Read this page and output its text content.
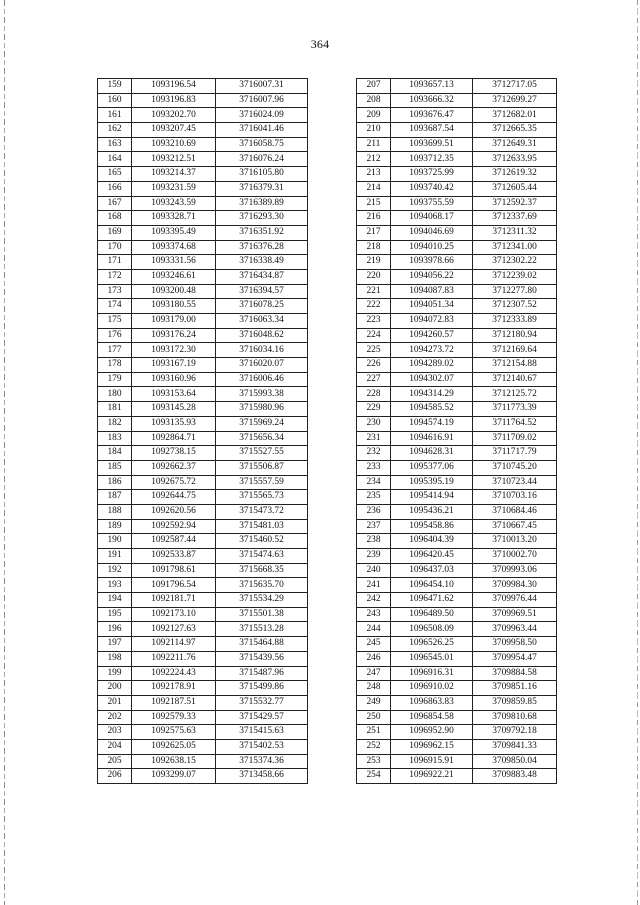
364
159	1093196.54	3716007.31
160	1093196.83	3716007.96
161	1093202.70	3716024.09
162	1093207.45	3716041.46
163	1093210.69	3716058.75
164	1093212.51	3716076.24
165	1093214.37	3716105.80
166	1093231.59	3716379.31
167	1093243.59	3716389.89
168	1093328.71	3716293.30
169	1093395.49	3716351.92
170	1093374.68	3716376.28
171	1093331.56	3716338.49
172	1093246.61	3716434.87
173	1093200.48	3716394.57
174	1093180.55	3716078.25
175	1093179.00	3716063.34
176	1093176.24	3716048.62
177	1093172.30	3716034.16
178	1093167.19	3716020.07
179	1093160.96	3716006.46
180	1093153.64	3715993.38
181	1093145.28	3715980.96
182	1093135.93	3715969.24
183	1092864.71	3715656.34
184	1092738.15	3715527.55
185	1092662.37	3715506.87
186	1092675.72	3715557.59
187	1092644.75	3715565.73
188	1092620.56	3715473.72
189	1092592.94	3715481.03
190	1092587.44	3715460.52
191	1092533.87	3715474.63
192	1091798.61	3715668.35
193	1091796.54	3715635.70
194	1092181.71	3715534.29
195	1092173.10	3715501.38
196	1092127.63	3715513.28
197	1092114.97	3715464.88
198	1092211.76	3715439.56
199	1092224.43	3715487.96
200	1092178.91	3715499.86
201	1092187.51	3715532.77
202	1092579.33	3715429.57
203	1092575.63	3715415.63
204	1092625.05	3715402.53
205	1092638.15	3715374.36
206	1093299.07	3713458.66
207	1093657.13	3712717.05
208	1093666.32	3712699.27
209	1093676.47	3712682.01
210	1093687.54	3712665.35
211	1093699.51	3712649.31
212	1093712.35	3712633.95
213	1093725.99	3712619.32
214	1093740.42	3712605.44
215	1093755.59	3712592.37
216	1094068.17	3712337.69
217	1094046.69	3712311.32
218	1094010.25	3712341.00
219	1093978.66	3712302.22
220	1094056.22	3712239.02
221	1094087.83	3712277.80
222	1094051.34	3712307.52
223	1094072.83	3712333.89
224	1094260.57	3712180.94
225	1094273.72	3712169.64
226	1094289.02	3712154.88
227	1094302.07	3712140.67
228	1094314.29	3712125.72
229	1094585.52	3711773.39
230	1094574.19	3711764.52
231	1094616.91	3711709.02
232	1094628.31	3711717.79
233	1095377.06	3710745.20
234	1095395.19	3710723.44
235	1095414.94	3710703.16
236	1095436.21	3710684.46
237	1095458.86	3710667.45
238	1096404.39	3710013.20
239	1096420.45	3710002.70
240	1096437.03	3709993.06
241	1096454.10	3709984.30
242	1096471.62	3709976.44
243	1096489.50	3709969.51
244	1096508.09	3709963.44
245	1096526.25	3709958.50
246	1096545.01	3709954.47
247	1096916.31	3709884.58
248	1096910.02	3709851.16
249	1096863.83	3709859.85
250	1096854.58	3709810.68
251	1096952.90	3709792.18
252	1096962.15	3709841.33
253	1096915.91	3709850.04
254	1096922.21	3709883.48
